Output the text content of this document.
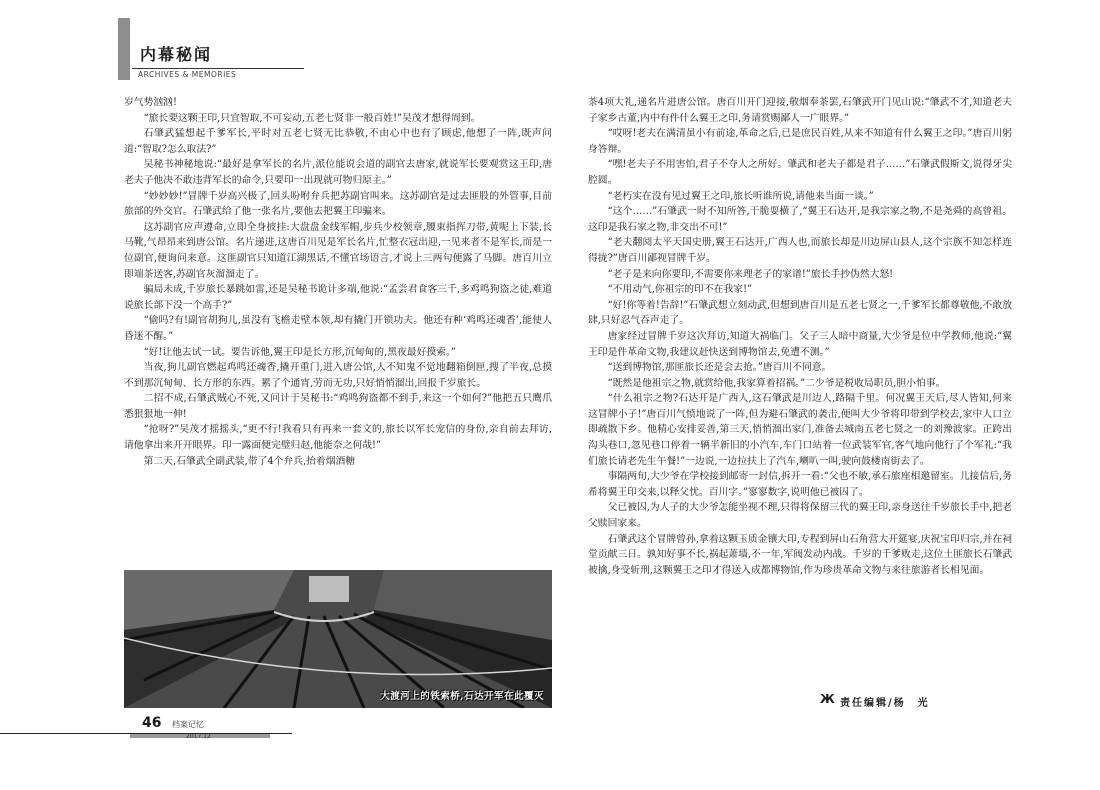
内幕秘闻
ARCHIVES & MEMORIES

岁气势汹汹!

“旅长要这颗王印,只宜智取,不可妄动,五老七贤非一般百姓!”吴茂才想得周到。

石肇武猛想起千爹军长,平时对五老七贤无比恭敬,不由心中也有了顾虑,他想了一阵,既声问道:“智取?怎么取法?”

吴秘书神秘地说:“最好是拿军长的名片,派位能说会道的副官去唐家,就说军长要观赏这王印,唐老夫子他决不敢违背军长的命令,只要印一出现就可物归原主。”

“妙妙妙!”冒牌千岁高兴极了,回头吩咐弁兵把苏副官叫来。这苏副官是过去匪股的外管事,目前旅部的外交官。石肇武给了他一张名片,要他去把翼王印骗来。

这苏副官应声遵命,立即全身披挂:大盘盘金线军帽,步兵少校领章,腰束指挥刀带,黄呢上下装,长马靴,气昂昂来到唐公馆。名片递进,这唐百川见是军长名片,忙整衣冠出迎,一见来者不是军长,而是一位副官,便询问来意。这匪副官只知道江湖黑话,不懂官场语言,才说上三两句便露了马脚。唐百川立即端茶送客,苏副官灰溜溜走了。

骗局未成,千岁旅长暴跳如雷,还是吴秘书诡计多端,他说:“孟尝君食客三千,多鸡鸣狗盗之徒,难道说旅长部下没一个高手?”

“偷吗?有!副官胡狗儿,虽没有飞檐走壁本领,却有撬门开锁功夫。他还有种‘鸡鸣还魂香’,能使人昏迷不醒。”

“好!让他去试一试。要告诉他,翼王印是长方形,沉甸甸的,黑夜最好摸索。”

当夜,狗儿副官燃起鸡鸣还魂香,撬开重门,进入唐公馆,人不知鬼不觉地翻箱倒匣,搜了半夜,总摸不到那沉甸甸、长方形的东西。累了个通宵,劳而无功,只好悄悄溜出,回报千岁旅长。

二招不成,石肇武贼心不死,又问计于吴秘书:“鸡鸣狗盗都不到手,来这一个如何?”他把五只鹰爪悉狠狠地一伸!

“抢呀?”吴茂才摇摇头,“更不行!我看只有再来一套文的,旅长以军长宠信的身份,亲自前去拜访,请他拿出来开开眼界。印一露面便完璧归赵,他能奈之何哉!”

第二天,石肇武全副武装,带了4个弁兵,抬着烟酒糖

茶4项大礼,递名片进唐公馆。唐百川开门迎接,敬烟奉茶罢,石肇武开门见山说:“肇武不才,知道老夫子家乡古董,内中有件什么翼王之印,务请赏赐鄙人一广眼界。”

“哎呀!老夫在满清虽小有前途,革命之后,已是庶民百姓,从来不知道有什么翼王之印。”唐百川躬身答辩。

“嘿!老夫子不用害怕,君子不夺人之所好。肇武和老夫子都是君子……”石肇武假斯文,说得牙尖腔圆。

“老朽实在没有见过翼王之印,旅长听谁所说,请他来当面一谈。”

“这个……”石肇武一时不知所答,干脆耍横了,“翼王石达开,是我宗家之物,不是尧舜的高曾祖。这印是我石家之物,非交出不可!”

“老夫翻阅太平天国史册,翼王石达开,广西人也,而旅长却是川边屏山县人,这个宗族不知怎样连得拢?”唐百川鄙视冒牌千岁。

“老子是来向你要印,不需要你来理老子的家谱!”旅长手抄伪然大怒!

“不用动气,你祖宗的印不在我家!”

“好!你等着!告辞!”石肇武想立刻动武,但想到唐百川是五老七贤之一,千爹军长都尊敬他,不敢放肆,只好忍气吞声走了。

唐家经过冒牌千岁这次拜访,知道大祸临门。父子三人暗中商量,大少爷是位中学教师,他说:“翼王印是件革命文物,我建议赶快送到博物馆去,免遭不测。”

“送到博物馆,那匪旅长还是会去抢。”唐百川不同意。

“既然是他祖宗之物,就赏给他,我家算着招祸。”二少爷是税收局职员,胆小怕事。

“什么祖宗之物?石达开是广西人,这石肇武是川边人,路隔千里。何况翼王天后,尽人皆知,何来这冒牌小子!”唐百川气愤地说了一阵,但为避石肇武的袭击,便叫大少爷将印带到学校去,家中人口立即疏散下乡。他精心安排妥善,第三天,悄悄溜出家门,准备去城南五老七贤之一的刘豫波家。正跨出沟头巷口,忽见巷口停着一辆半新旧的小汽车,车门口站着一位武装军官,客气地向他行了个军礼:“我们旅长请老先生午餐!”一边说,一边拉扶上了汽车,喇叭一叫,驶向鼓楼南街去了。

事隔两旬,大少爷在学校接到邮寄一封信,拆开一看:“父也不敏,承石旅座相邀留室。儿接信后,务希将翼王印交来,以释父忧。百川字。”寥寥数字,说明他已被囚了。

父已被囚,为人子的大少爷怎能坐视不理,只得将保留三代的翼王印,亲身送往千岁旅长手中,把老父赎回家来。

石肇武这个冒牌曾孙,拿着这颗玉质金镶大印,专程到屏山石角营大开筵宴,庆祝宝印归宗,并在祠堂贡献三日。孰知好事不长,祸起萧墙,不一年,军阀发动内战。千岁的千爹败走,这位土匪旅长石肇武被擒,身受斩刑,这颗翼王之印才得送入成都博物馆,作为珍贵革命文物与来往旅游者长相见面。

大渡河上的铁索桥,石达开军在此覆灭	Ж 责任编辑/杨　光
46 档案记忆
2017.12
